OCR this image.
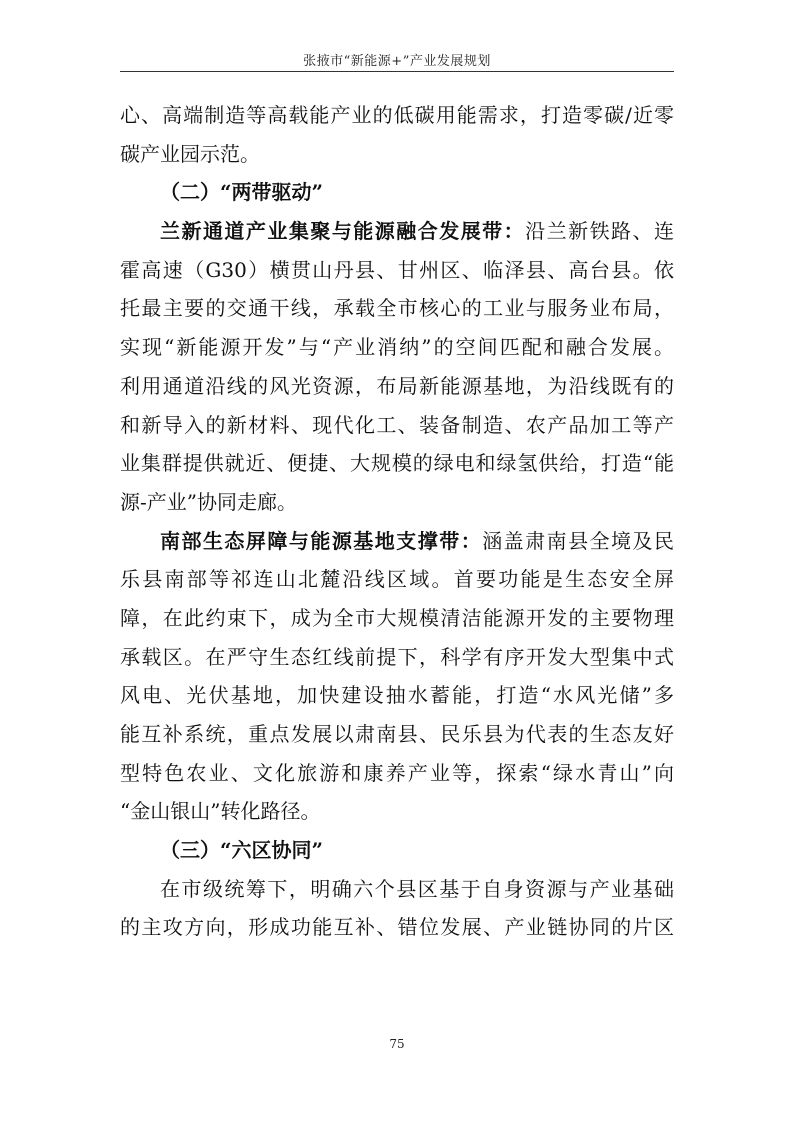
张掖市“新能源+”产业发展规划
心、高端制造等高载能产业的低碳用能需求，打造零碳/近零
碳产业园示范。
（二）“两带驱动”
兰新通道产业集聚与能源融合发展带：沿兰新铁路、连
霍高速（G30）横贯山丹县、甘州区、临泽县、高台县。依
托最主要的交通干线，承载全市核心的工业与服务业布局，
实现“新能源开发”与“产业消纳”的空间匹配和融合发展。
利用通道沿线的风光资源，布局新能源基地，为沿线既有的
和新导入的新材料、现代化工、装备制造、农产品加工等产
业集群提供就近、便捷、大规模的绿电和绿氢供给，打造“能
源-产业”协同走廊。
南部生态屏障与能源基地支撑带：涵盖肃南县全境及民
乐县南部等祁连山北麓沿线区域。首要功能是生态安全屏
障，在此约束下，成为全市大规模清洁能源开发的主要物理
承载区。在严守生态红线前提下，科学有序开发大型集中式
风电、光伏基地，加快建设抽水蓄能，打造“水风光储”多
能互补系统，重点发展以肃南县、民乐县为代表的生态友好
型特色农业、文化旅游和康养产业等，探索“绿水青山”向
“金山银山”转化路径。
（三）“六区协同”
在市级统筹下，明确六个县区基于自身资源与产业基础
的主攻方向，形成功能互补、错位发展、产业链协同的片区
75
